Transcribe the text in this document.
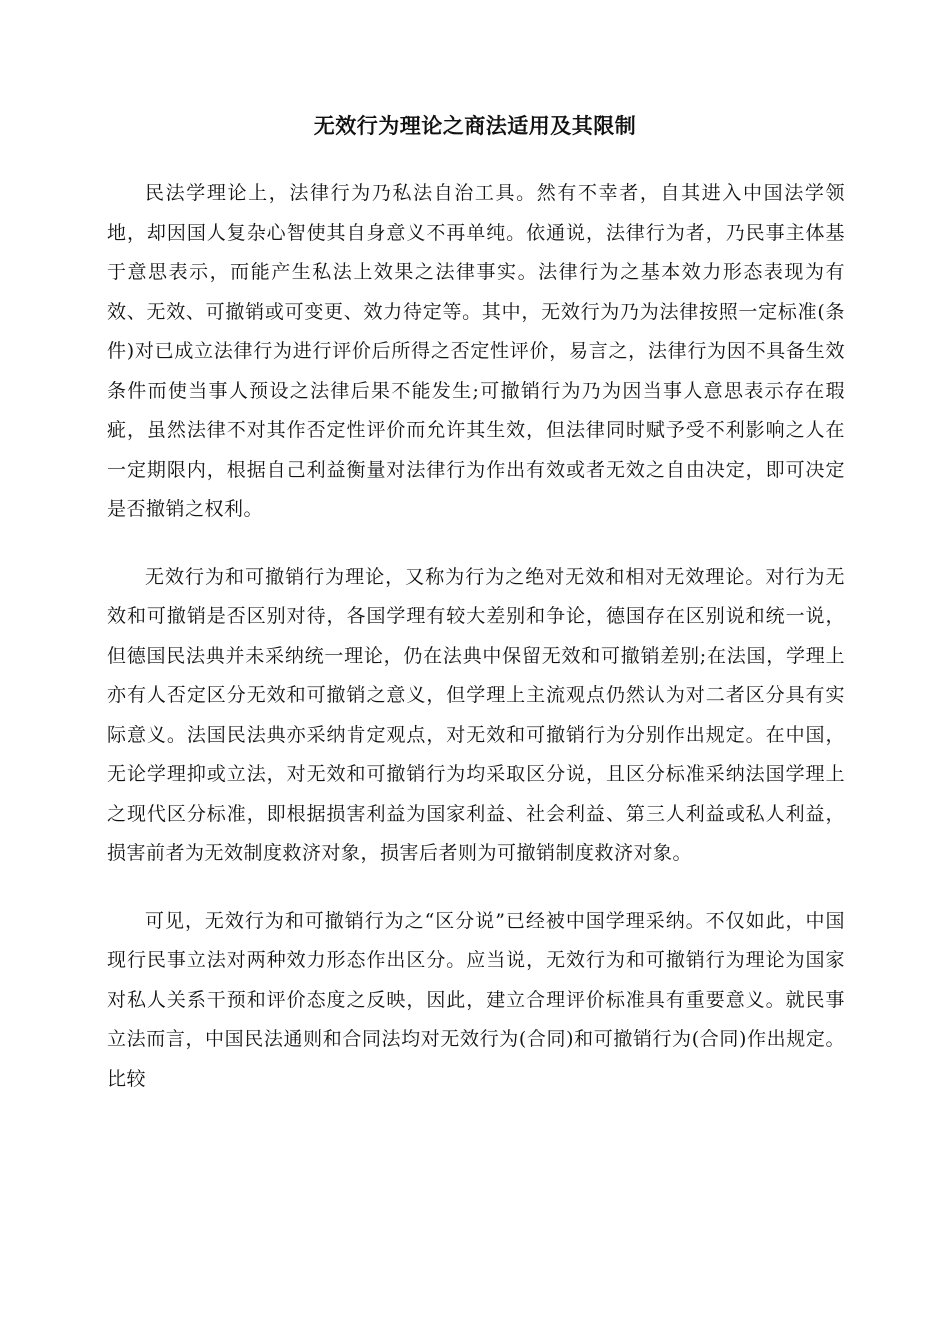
无效行为理论之商法适用及其限制

民法学理论上，法律行为乃私法自治工具。然有不幸者，自其进入中国法学领地，却因国人复杂心智使其自身意义不再单纯。依通说，法律行为者，乃民事主体基于意思表示，而能产生私法上效果之法律事实。法律行为之基本效力形态表现为有效、无效、可撤销或可变更、效力待定等。其中，无效行为乃为法律按照一定标准(条件)对已成立法律行为进行评价后所得之否定性评价，易言之，法律行为因不具备生效条件而使当事人预设之法律后果不能发生;可撤销行为乃为因当事人意思表示存在瑕疵，虽然法律不对其作否定性评价而允许其生效，但法律同时赋予受不利影响之人在一定期限内，根据自己利益衡量对法律行为作出有效或者无效之自由决定，即可决定是否撤销之权利。

无效行为和可撤销行为理论，又称为行为之绝对无效和相对无效理论。对行为无效和可撤销是否区别对待，各国学理有较大差别和争论，德国存在区别说和统一说，但德国民法典并未采纳统一理论，仍在法典中保留无效和可撤销差别;在法国，学理上亦有人否定区分无效和可撤销之意义，但学理上主流观点仍然认为对二者区分具有实际意义。法国民法典亦采纳肯定观点，对无效和可撤销行为分别作出规定。在中国，无论学理抑或立法，对无效和可撤销行为均采取区分说，且区分标准采纳法国学理上之现代区分标准，即根据损害利益为国家利益、社会利益、第三人利益或私人利益，损害前者为无效制度救济对象，损害后者则为可撤销制度救济对象。

可见，无效行为和可撤销行为之“区分说”已经被中国学理采纳。不仅如此，中国现行民事立法对两种效力形态作出区分。应当说，无效行为和可撤销行为理论为国家对私人关系干预和评价态度之反映，因此，建立合理评价标准具有重要意义。就民事立法而言，中国民法通则和合同法均对无效行为(合同)和可撤销行为(合同)作出规定。比较
